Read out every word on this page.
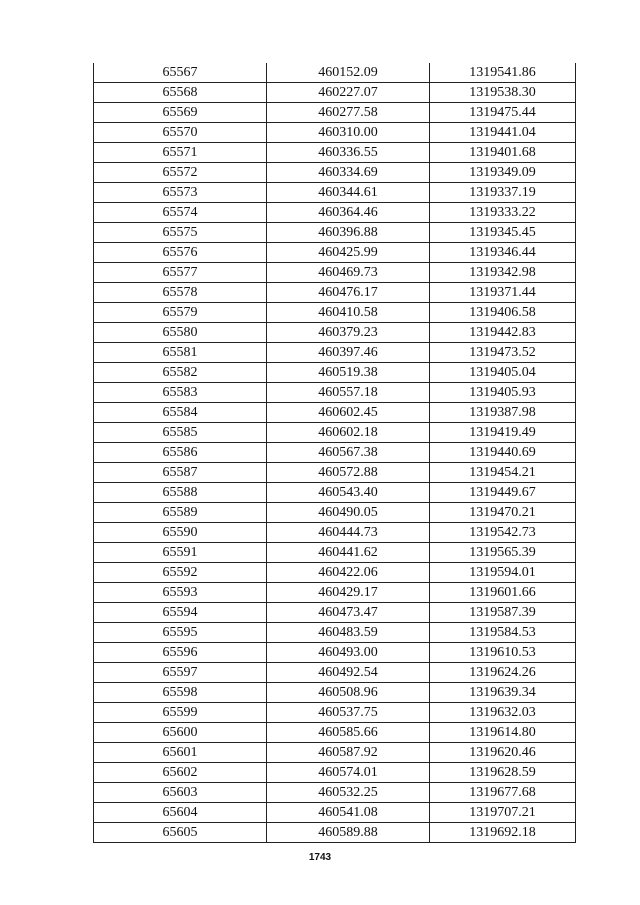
65567	460152.09	1319541.86
65568	460227.07	1319538.30
65569	460277.58	1319475.44
65570	460310.00	1319441.04
65571	460336.55	1319401.68
65572	460334.69	1319349.09
65573	460344.61	1319337.19
65574	460364.46	1319333.22
65575	460396.88	1319345.45
65576	460425.99	1319346.44
65577	460469.73	1319342.98
65578	460476.17	1319371.44
65579	460410.58	1319406.58
65580	460379.23	1319442.83
65581	460397.46	1319473.52
65582	460519.38	1319405.04
65583	460557.18	1319405.93
65584	460602.45	1319387.98
65585	460602.18	1319419.49
65586	460567.38	1319440.69
65587	460572.88	1319454.21
65588	460543.40	1319449.67
65589	460490.05	1319470.21
65590	460444.73	1319542.73
65591	460441.62	1319565.39
65592	460422.06	1319594.01
65593	460429.17	1319601.66
65594	460473.47	1319587.39
65595	460483.59	1319584.53
65596	460493.00	1319610.53
65597	460492.54	1319624.26
65598	460508.96	1319639.34
65599	460537.75	1319632.03
65600	460585.66	1319614.80
65601	460587.92	1319620.46
65602	460574.01	1319628.59
65603	460532.25	1319677.68
65604	460541.08	1319707.21
65605	460589.88	1319692.18
1743
